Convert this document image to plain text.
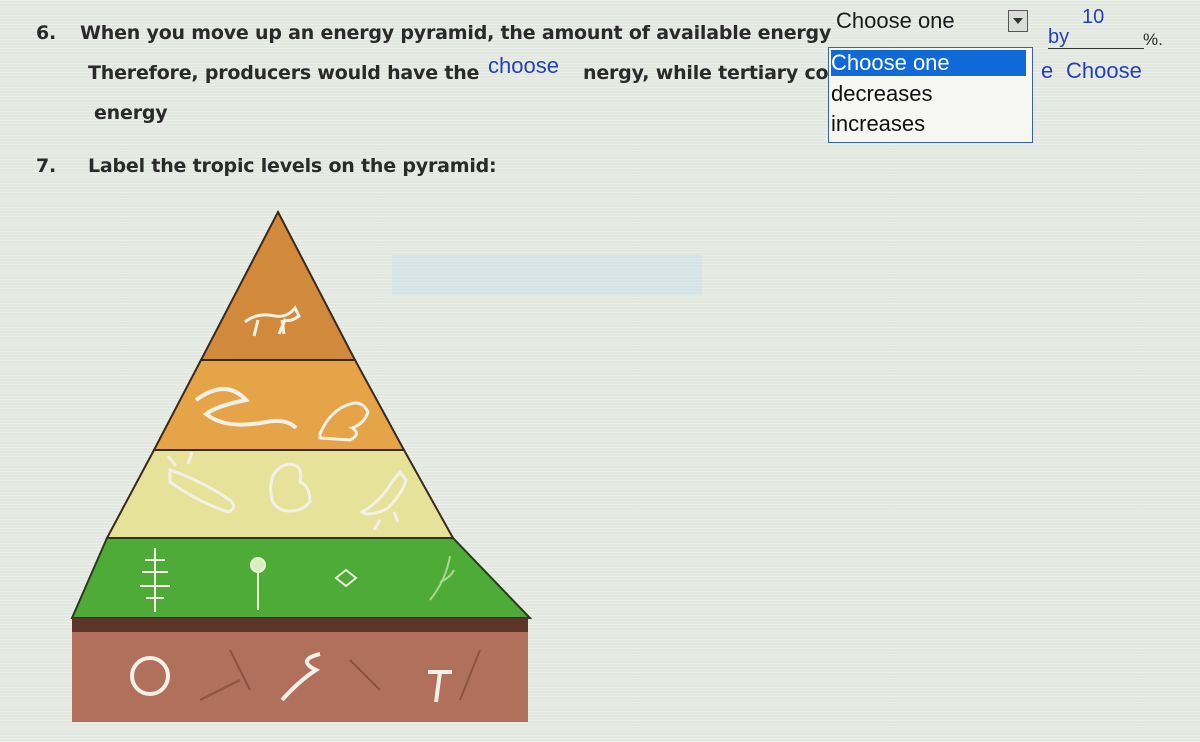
6. When you move up an energy pyramid, the amount of available energy Choose one	10
by	%.
Therefore, producers would have the choose nergy, while tertiary co	e Choose
Choose one
decreases
increases
energy
7. Label the tropic levels on the pyramid:
